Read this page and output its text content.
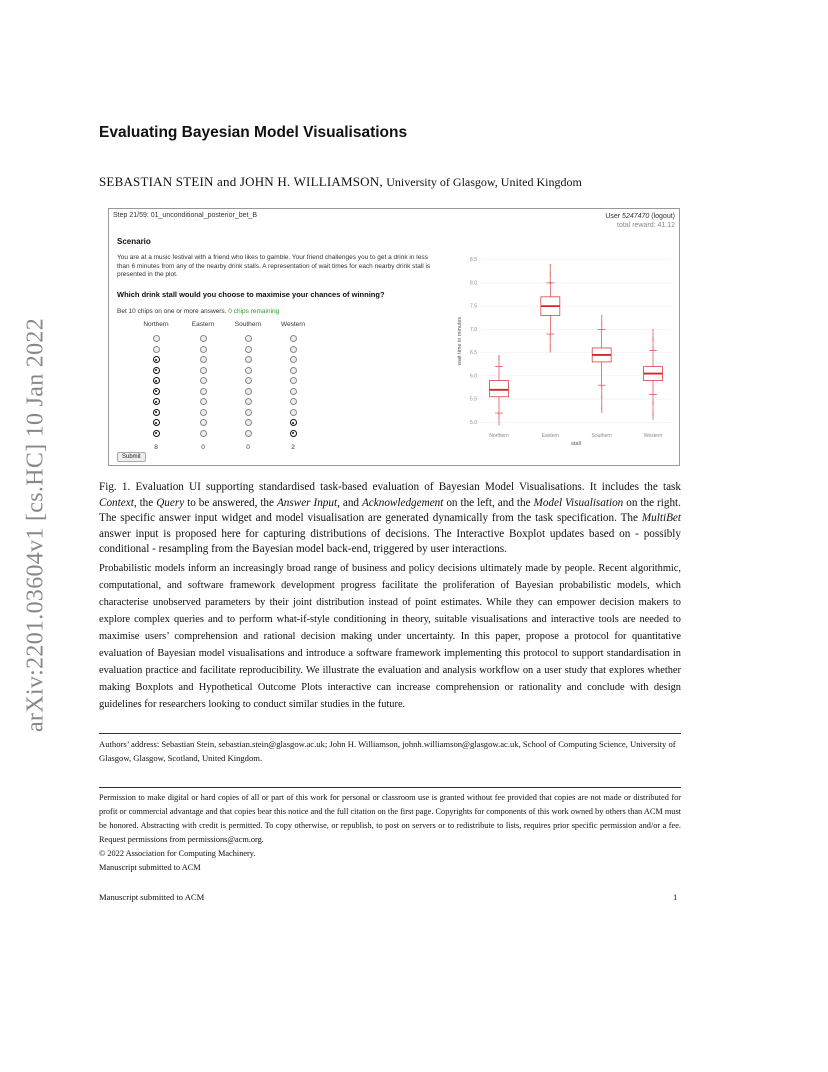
arXiv:2201.03604v1 [cs.HC] 10 Jan 2022
Evaluating Bayesian Model Visualisations
SEBASTIAN STEIN and JOHN H. WILLIAMSON, University of Glasgow, United Kingdom
Step 21/59: 01_unconditional_posterior_bet_B	User 5247470 (logout)
total reward: 41.12
Scenario
You are at a music festival with a friend who likes to gamble. Your friend challenges you to get a drink in less than 6 minutes from any of the nearby drink stalls. A representation of wait times for each nearby drink stall is presented in the plot.
Which drink stall would you choose to maximise your chances of winning?
Bet 10 chips on one or more answers. 0 chips remaining
Submit
5.0
5.5
6.0
6.5
7.0
7.5
8.0
8.5
wait time in minutes
Northern	Eastern	Southern	Western
stall
Northern
8
Eastern
0
Southern
0
Western
2
Fig. 1. Evaluation UI supporting standardised task-based evaluation of Bayesian Model Visualisations. It includes the task Context, the Query to be answered, the Answer Input, and Acknowledgement on the left, and the Model Visualisation on the right. The specific answer input widget and model visualisation are generated dynamically from the task specification. The MultiBet answer input is proposed here for capturing distributions of decisions. The Interactive Boxplot updates based on - possibly conditional - resampling from the Bayesian model back-end, triggered by user interactions.
Probabilistic models inform an increasingly broad range of business and policy decisions ultimately made by people. Recent algorithmic, computational, and software framework development progress facilitate the proliferation of Bayesian probabilistic models, which characterise unobserved parameters by their joint distribution instead of point estimates. While they can empower decision makers to explore complex queries and to perform what-if-style conditioning in theory, suitable visualisations and interactive tools are needed to maximise users’ comprehension and rational decision making under uncertainty. In this paper, propose a protocol for quantitative evaluation of Bayesian model visualisations and introduce a software framework implementing this protocol to support standardisation in evaluation practice and facilitate reproducibility. We illustrate the evaluation and analysis workflow on a user study that explores whether making Boxplots and Hypothetical Outcome Plots interactive can increase comprehension or rationality and conclude with design guidelines for researchers looking to conduct similar studies in the future.
Authors’ address: Sebastian Stein, sebastian.stein@glasgow.ac.uk; John H. Williamson, johnh.williamson@glasgow.ac.uk, School of Computing Science, University of Glasgow, Glasgow, Scotland, United Kingdom.
Permission to make digital or hard copies of all or part of this work for personal or classroom use is granted without fee provided that copies are not made or distributed for profit or commercial advantage and that copies bear this notice and the full citation on the first page. Copyrights for components of this work owned by others than ACM must be honored. Abstracting with credit is permitted. To copy otherwise, or republish, to post on servers or to redistribute to lists, requires prior specific permission and/or a fee. Request permissions from permissions@acm.org.
© 2022 Association for Computing Machinery.
Manuscript submitted to ACM
Manuscript submitted to ACM	1
